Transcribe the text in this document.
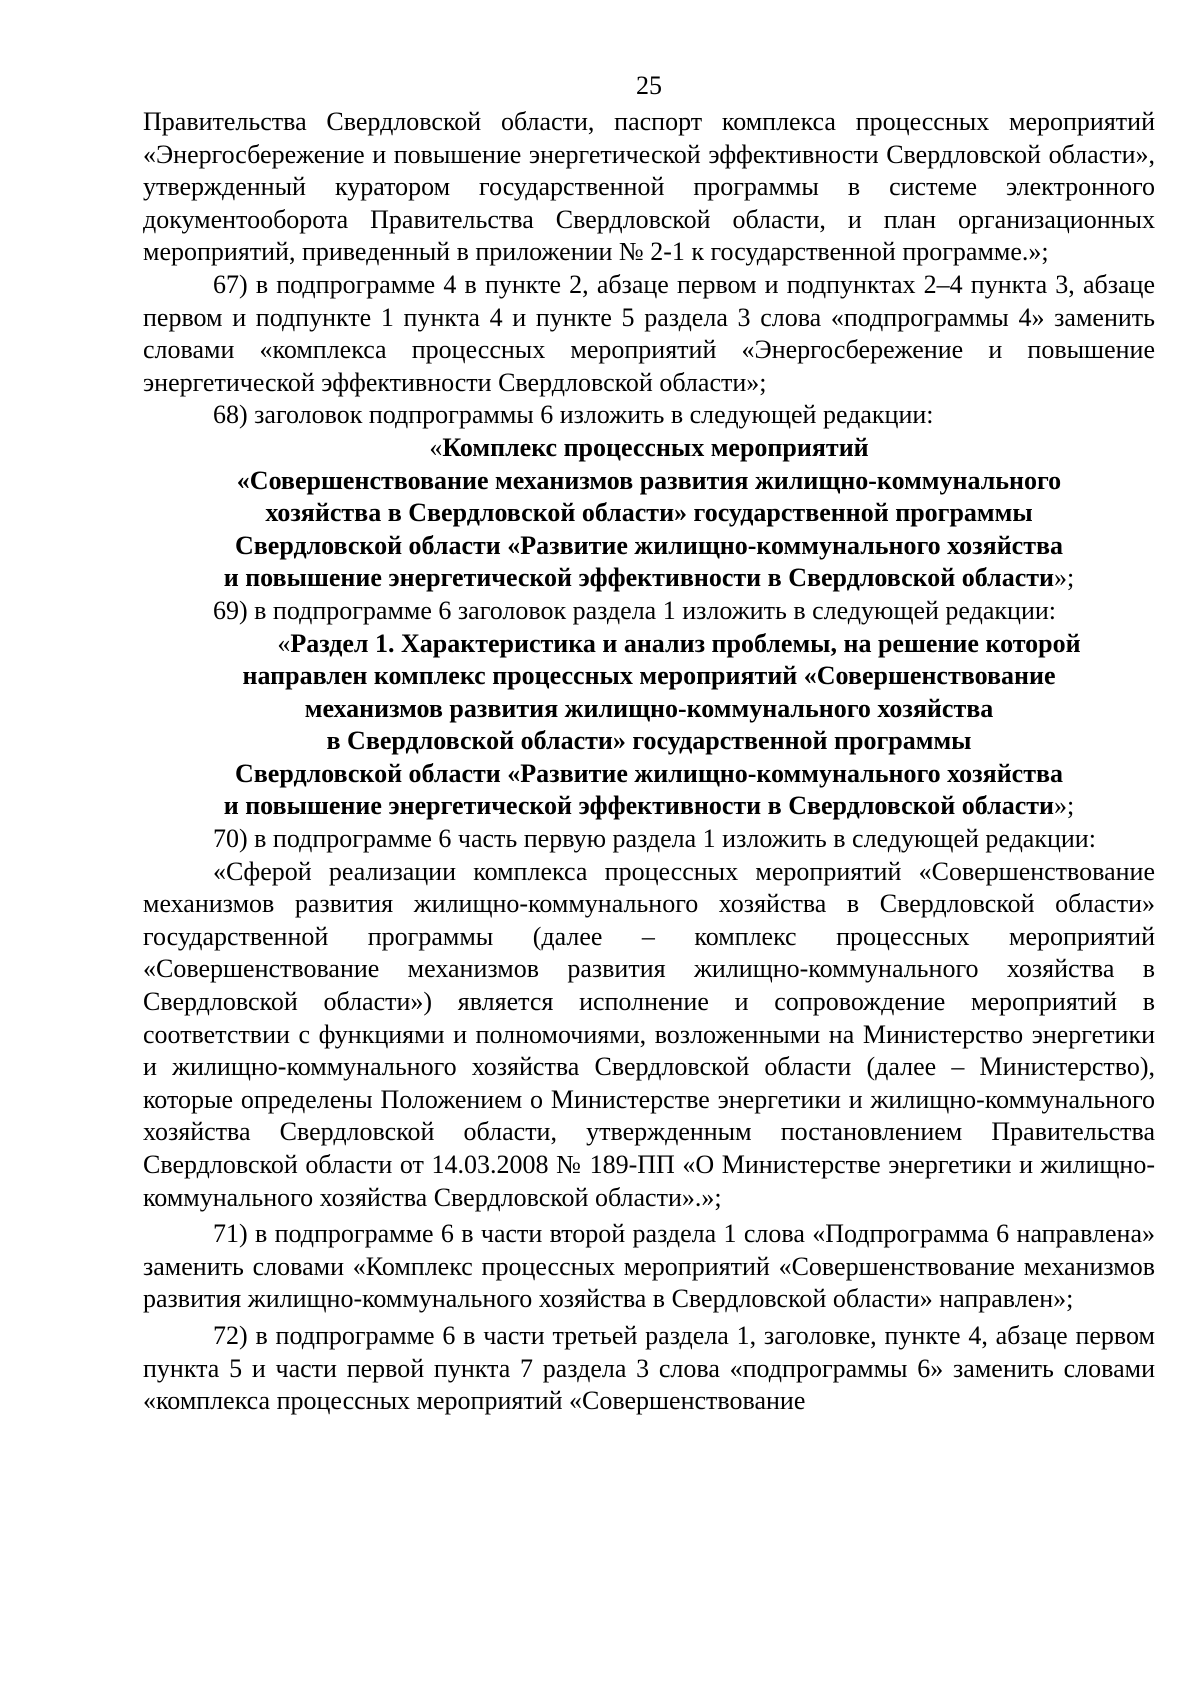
25

Правительства Свердловской области, паспорт комплекса процессных мероприятий «Энергосбережение и повышение энергетической эффективности Свердловской области», утвержденный куратором государственной программы в системе электронного документооборота Правительства Свердловской области, и план организационных мероприятий, приведенный в приложении № 2-1 к государственной программе.»;

67) в подпрограмме 4 в пункте 2, абзаце первом и подпунктах 2–4 пункта 3, абзаце первом и подпункте 1 пункта 4 и пункте 5 раздела 3 слова «подпрограммы 4» заменить словами «комплекса процессных мероприятий «Энергосбережение и повышение энергетической эффективности Свердловской области»;

68) заголовок подпрограммы 6 изложить в следующей редакции:

«Комплекс процессных мероприятий
«Совершенствование механизмов развития жилищно-коммунального
хозяйства в Свердловской области» государственной программы
Свердловской области «Развитие жилищно-коммунального хозяйства
и повышение энергетической эффективности в Свердловской области»;

69) в подпрограмме 6 заголовок раздела 1 изложить в следующей редакции:

«Раздел 1. Характеристика и анализ проблемы, на решение которой
направлен комплекс процессных мероприятий «Совершенствование
механизмов развития жилищно-коммунального хозяйства
в Свердловской области» государственной программы
Свердловской области «Развитие жилищно-коммунального хозяйства
и повышение энергетической эффективности в Свердловской области»;

70) в подпрограмме 6 часть первую раздела 1 изложить в следующей редакции:

«Сферой реализации комплекса процессных мероприятий «Совершенствование механизмов развития жилищно-коммунального хозяйства в Свердловской области» государственной программы (далее – комплекс процессных мероприятий «Совершенствование механизмов развития жилищно-коммунального хозяйства в Свердловской области») является исполнение и сопровождение мероприятий в соответствии с функциями и полномочиями, возложенными на Министерство энергетики и жилищно-коммунального хозяйства Свердловской области (далее – Министерство), которые определены Положением о Министерстве энергетики и жилищно-коммунального хозяйства Свердловской области, утвержденным постановлением Правительства Свердловской области от 14.03.2008 № 189-ПП «О Министерстве энергетики и жилищно-коммунального хозяйства Свердловской области».»;

71) в подпрограмме 6 в части второй раздела 1 слова «Подпрограмма 6 направлена» заменить словами «Комплекс процессных мероприятий «Совершенствование механизмов развития жилищно-коммунального хозяйства в Свердловской области» направлен»;

72) в подпрограмме 6 в части третьей раздела 1, заголовке, пункте 4, абзаце первом пункта 5 и части первой пункта 7 раздела 3 слова «подпрограммы 6» заменить словами «комплекса процессных мероприятий «Совершенствование
